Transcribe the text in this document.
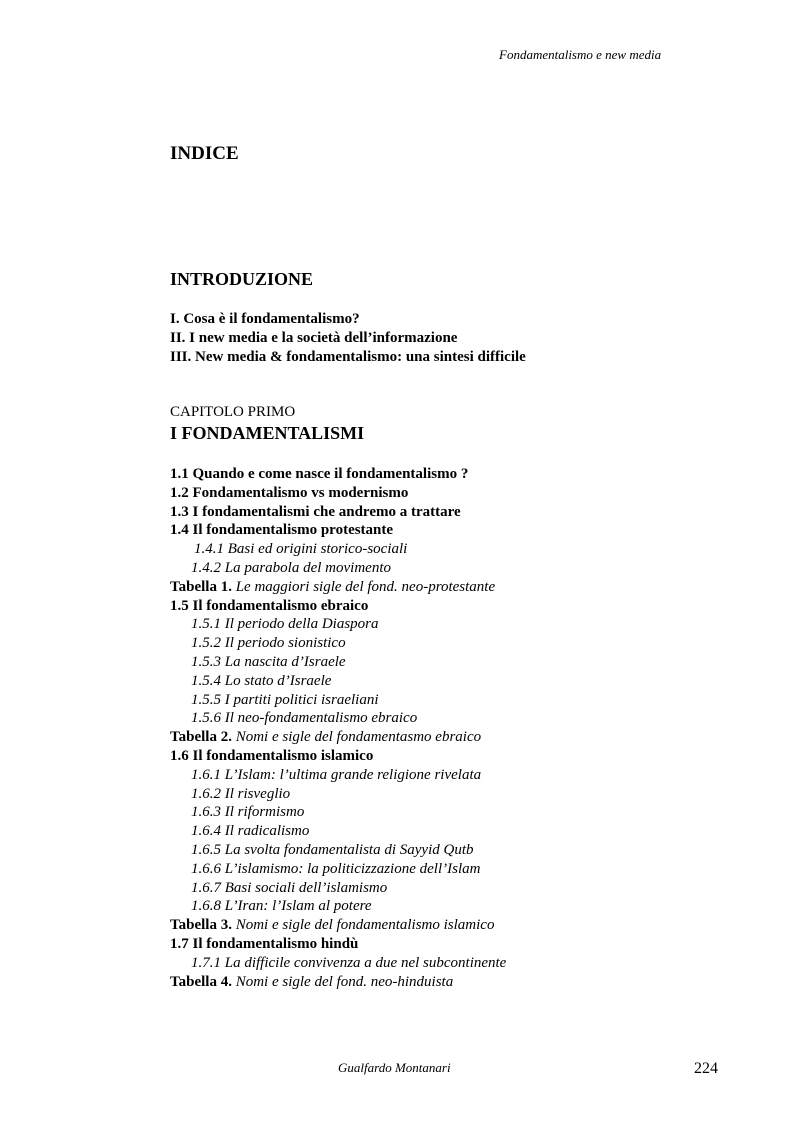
Fondamentalismo e new media
INDICE
INTRODUZIONE
I. Cosa è il fondamentalismo?
II. I new media e la società dell’informazione
III. New media & fondamentalismo: una sintesi difficile
CAPITOLO PRIMO
I FONDAMENTALISMI
1.1 Quando e come nasce il fondamentalismo ?
1.2 Fondamentalismo vs modernismo
1.3 I fondamentalismi che andremo a trattare
1.4 Il fondamentalismo protestante
1.4.1 Basi ed origini storico-sociali
1.4.2 La parabola del movimento
Tabella 1. Le maggiori sigle del fond. neo-protestante
1.5 Il fondamentalismo ebraico
1.5.1 Il periodo della Diaspora
1.5.2 Il periodo sionistico
1.5.3 La nascita d’Israele
1.5.4 Lo stato d’Israele
1.5.5 I partiti politici israeliani
1.5.6 Il neo-fondamentalismo ebraico
Tabella 2. Nomi e sigle del fondamentasmo ebraico
1.6 Il fondamentalismo islamico
1.6.1 L’Islam: l’ultima grande religione rivelata
1.6.2 Il risveglio
1.6.3 Il riformismo
1.6.4 Il radicalismo
1.6.5 La svolta fondamentalista di Sayyid Qutb
1.6.6 L’islamismo: la politicizzazione dell’Islam
1.6.7 Basi sociali dell’islamismo
1.6.8 L’Iran: l’Islam al potere
Tabella 3. Nomi e sigle del fondamentalismo islamico
1.7 Il fondamentalismo hindù
1.7.1 La difficile convivenza a due nel subcontinente
Tabella 4. Nomi e sigle del fond. neo-hinduista
Gualfardo Montanari	224
